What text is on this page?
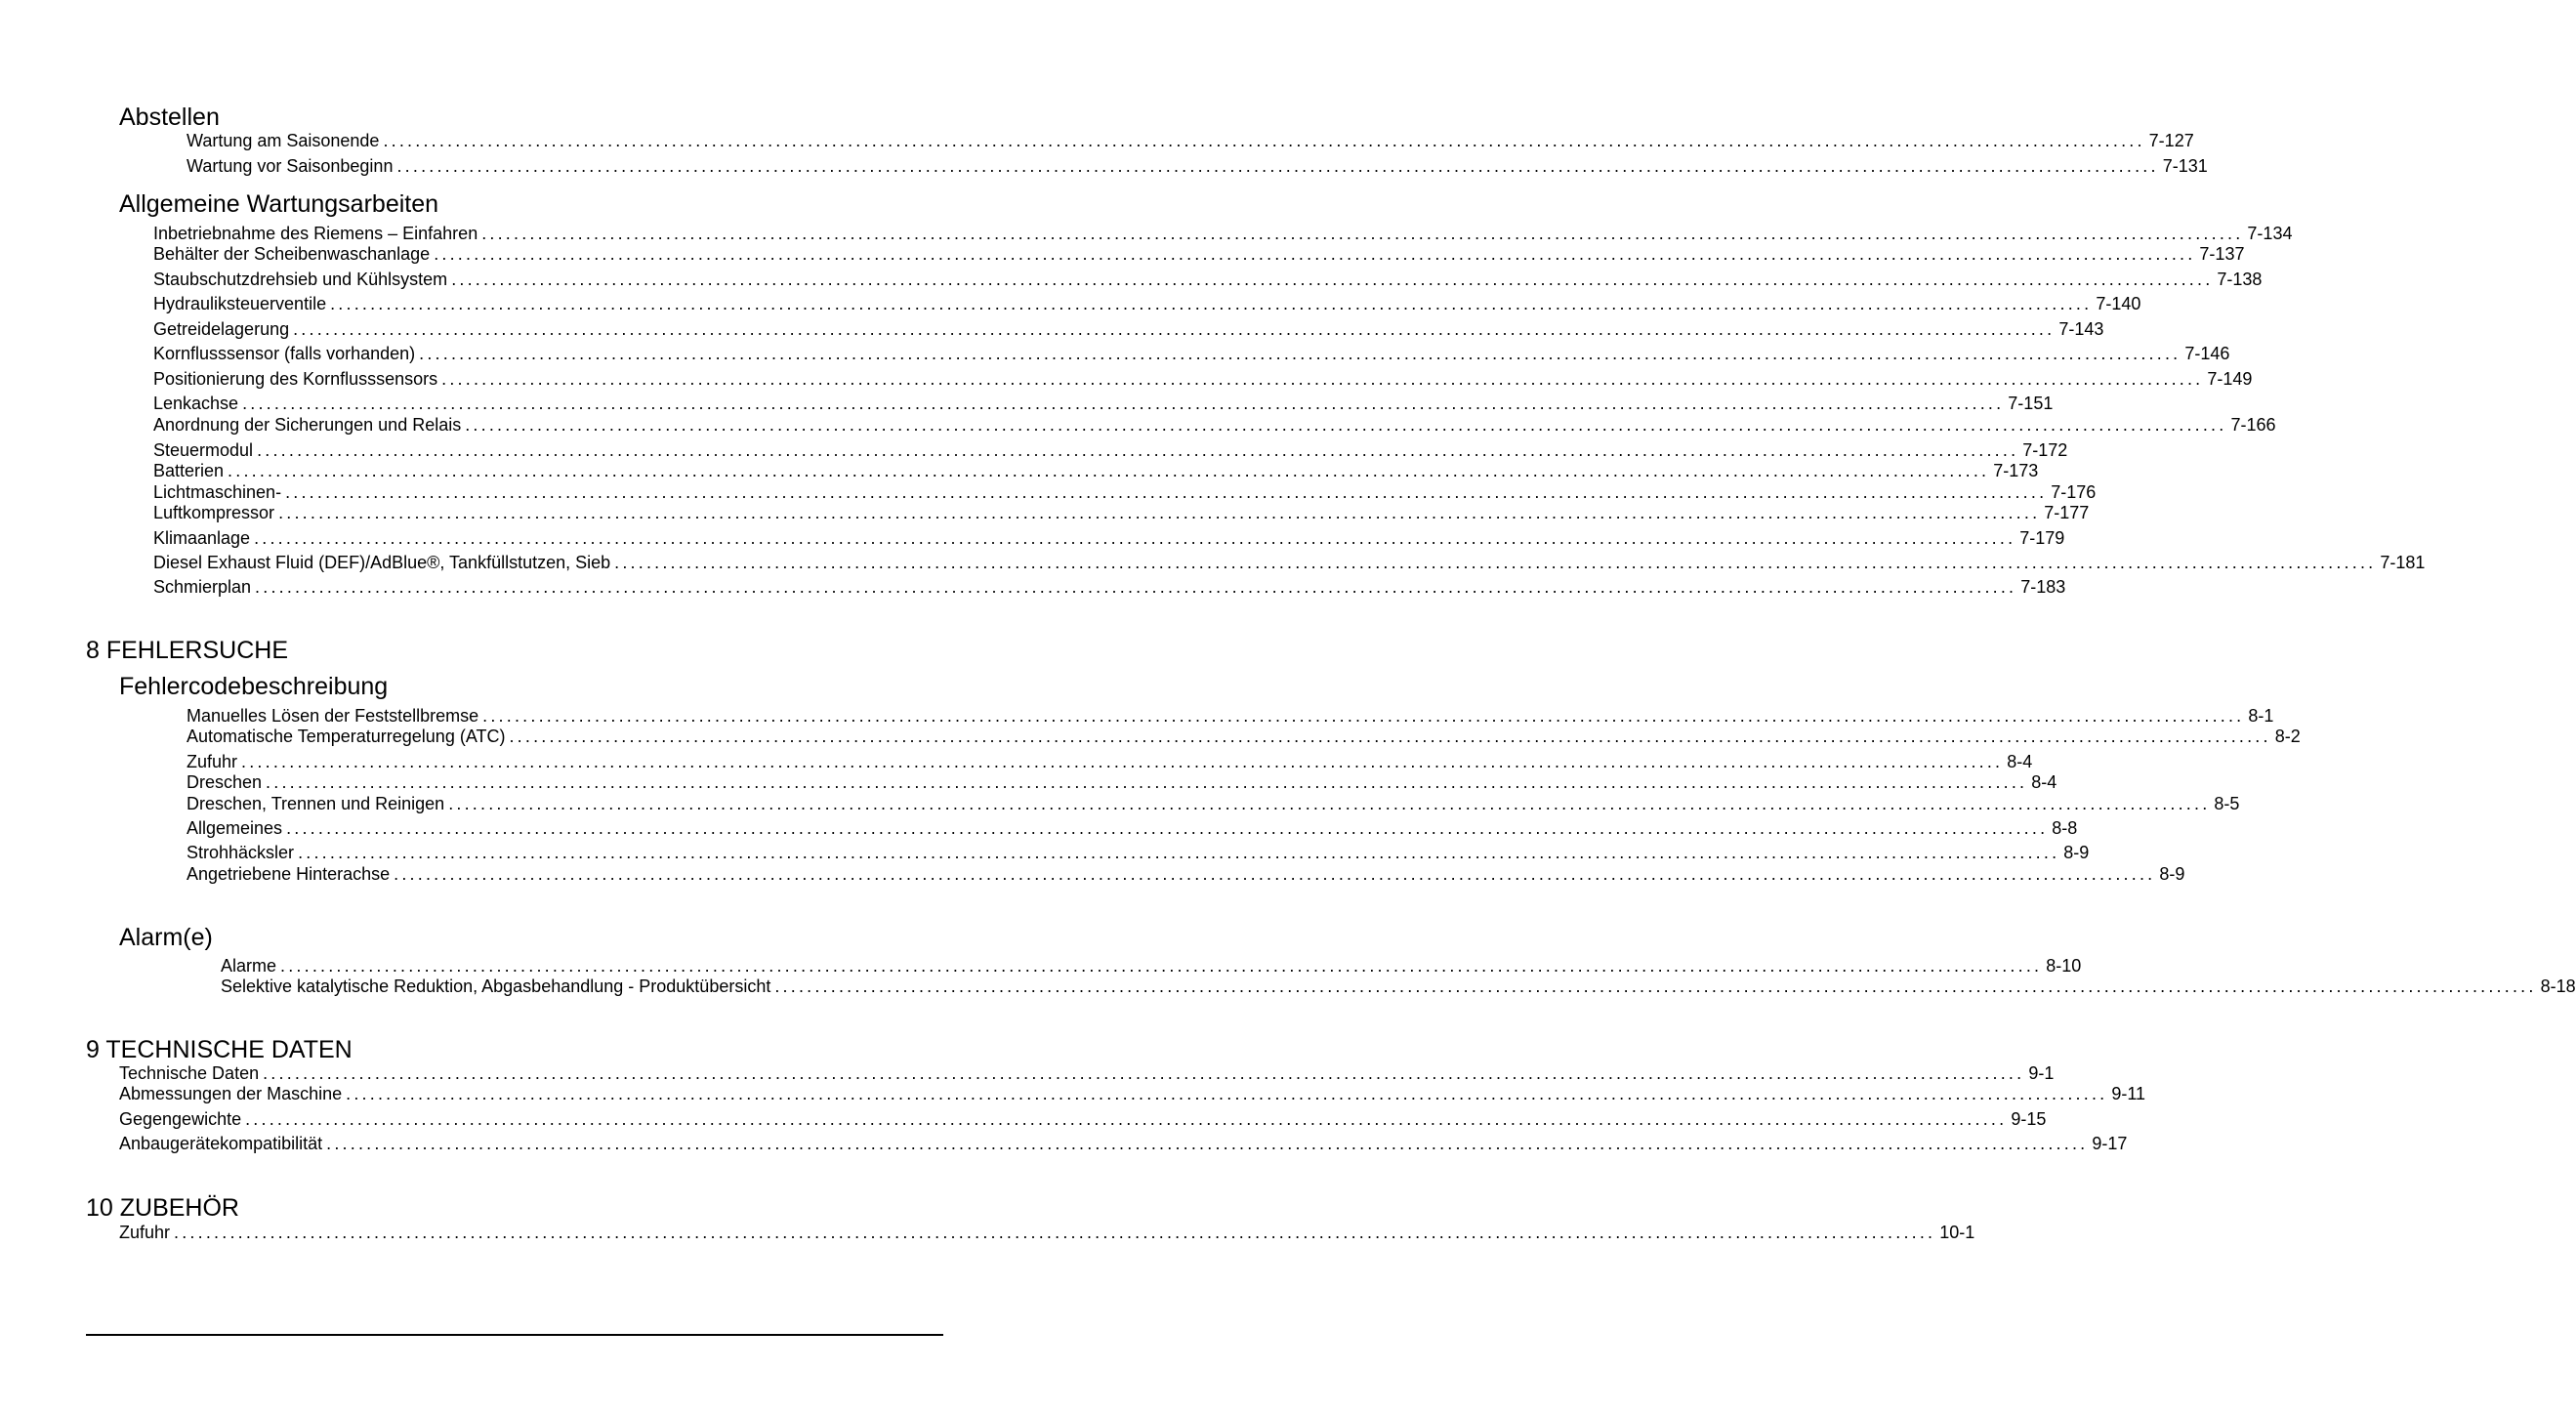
Abstellen
Wartung am Saisonende ............................................................................................................................................................................................................................ 7-127
Wartung vor Saisonbeginn ............................................................................................................................................................................................................................ 7-131
Allgemeine Wartungsarbeiten
Inbetriebnahme des Riemens – Einfahren ............................................................................................................................................................................................................................ 7-134
Behälter der Scheibenwaschanlage ............................................................................................................................................................................................................................ 7-137
Staubschutzdrehsieb und Kühlsystem ............................................................................................................................................................................................................................ 7-138
Hydrauliksteuerventile ............................................................................................................................................................................................................................ 7-140
Getreidelagerung ............................................................................................................................................................................................................................ 7-143
Kornflusssensor (falls vorhanden) ............................................................................................................................................................................................................................ 7-146
Positionierung des Kornflusssensors ............................................................................................................................................................................................................................ 7-149
Lenkachse ............................................................................................................................................................................................................................ 7-151
Anordnung der Sicherungen und Relais ............................................................................................................................................................................................................................ 7-166
Steuermodul ............................................................................................................................................................................................................................ 7-172
Batterien ............................................................................................................................................................................................................................ 7-173
Lichtmaschinen- ............................................................................................................................................................................................................................ 7-176
Luftkompressor ............................................................................................................................................................................................................................ 7-177
Klimaanlage ............................................................................................................................................................................................................................ 7-179
Diesel Exhaust Fluid (DEF)/AdBlue®, Tankfüllstutzen, Sieb ............................................................................................................................................................................................................................ 7-181
Schmierplan ............................................................................................................................................................................................................................ 7-183
8 FEHLERSUCHE
Fehlercodebeschreibung
Manuelles Lösen der Feststellbremse ............................................................................................................................................................................................................................ 8-1
Automatische Temperaturregelung (ATC) ............................................................................................................................................................................................................................ 8-2
Zufuhr ............................................................................................................................................................................................................................ 8-4
Dreschen ............................................................................................................................................................................................................................ 8-4
Dreschen, Trennen und Reinigen ............................................................................................................................................................................................................................ 8-5
Allgemeines ............................................................................................................................................................................................................................ 8-8
Strohhäcksler ............................................................................................................................................................................................................................ 8-9
Angetriebene Hinterachse ............................................................................................................................................................................................................................ 8-9
Alarm(e)
Alarme ............................................................................................................................................................................................................................ 8-10
Selektive katalytische Reduktion, Abgasbehandlung - Produktübersicht ............................................................................................................................................................................................................................ 8-18
9 TECHNISCHE DATEN
Technische Daten ............................................................................................................................................................................................................................ 9-1
Abmessungen der Maschine ............................................................................................................................................................................................................................ 9-11
Gegengewichte ............................................................................................................................................................................................................................ 9-15
Anbaugerätekompatibilität ............................................................................................................................................................................................................................ 9-17
10 ZUBEHÖR
Zufuhr ............................................................................................................................................................................................................................ 10-1
